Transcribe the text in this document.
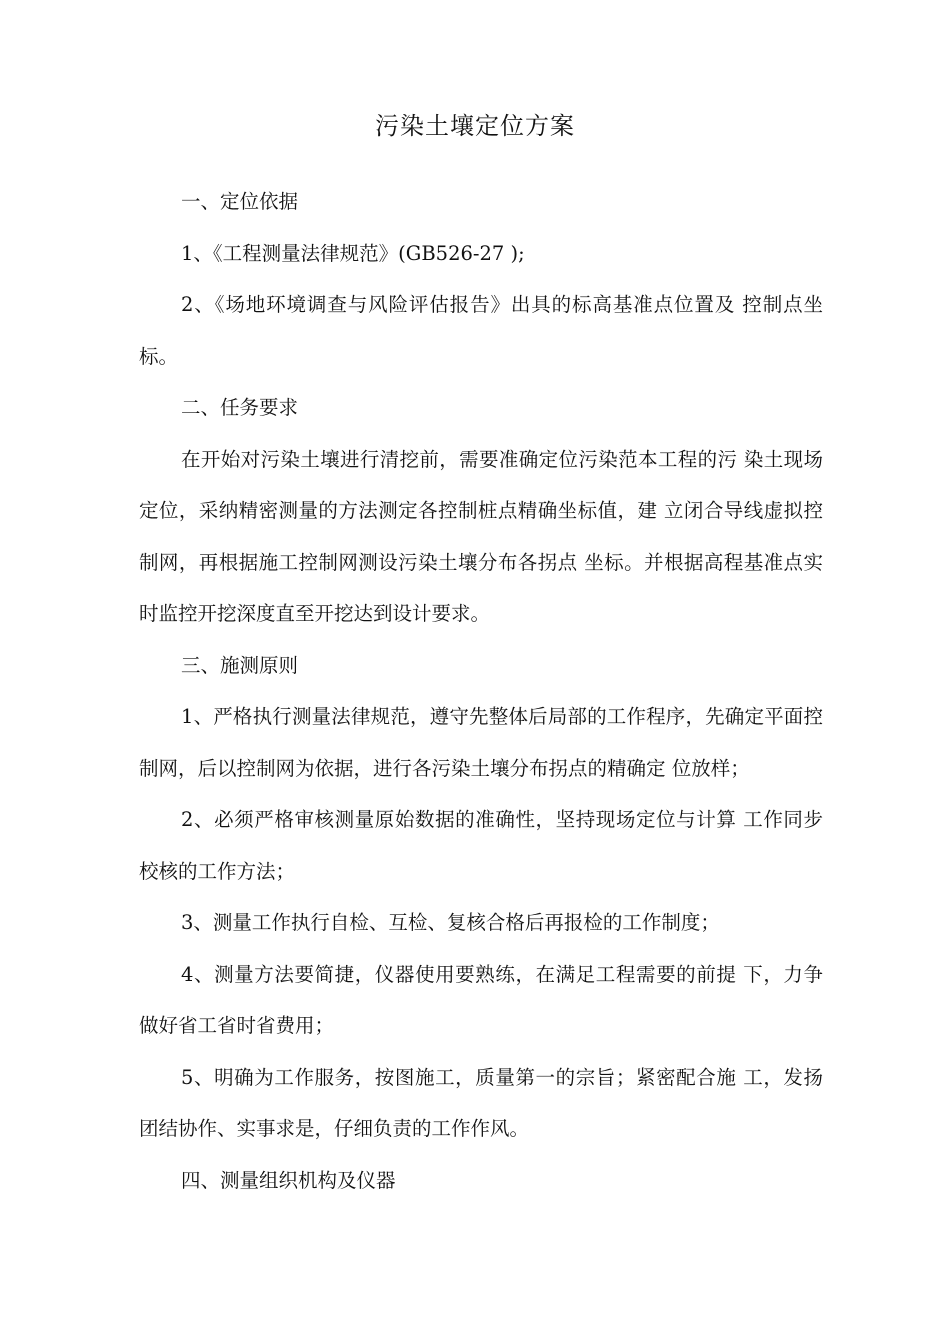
污染土壤定位方案

一、定位依据

1、《工程测量法律规范》(GB526-27 );

2、《场地环境调查与风险评估报告》出具的标高基准点位置及 控制点坐标。

二、任务要求

在开始对污染土壤进行清挖前，需要准确定位污染范本工程的污 染土现场定位，采纳精密测量的方法测定各控制桩点精确坐标值，建 立闭合导线虚拟控制网，再根据施工控制网测设污染土壤分布各拐点 坐标。并根据高程基准点实时监控开挖深度直至开挖达到设计要求。

三、施测原则

1、严格执行测量法律规范，遵守先整体后局部的工作程序，先确定平面控制网，后以控制网为依据，进行各污染土壤分布拐点的精确定 位放样；

2、必须严格审核测量原始数据的准确性，坚持现场定位与计算 工作同步校核的工作方法；

3、测量工作执行自检、互检、复核合格后再报检的工作制度；

4、测量方法要简捷，仪器使用要熟练，在满足工程需要的前提 下，力争做好省工省时省费用；

5、明确为工作服务，按图施工，质量第一的宗旨；紧密配合施 工，发扬团结协作、实事求是，仔细负责的工作作风。

四、测量组织机构及仪器
